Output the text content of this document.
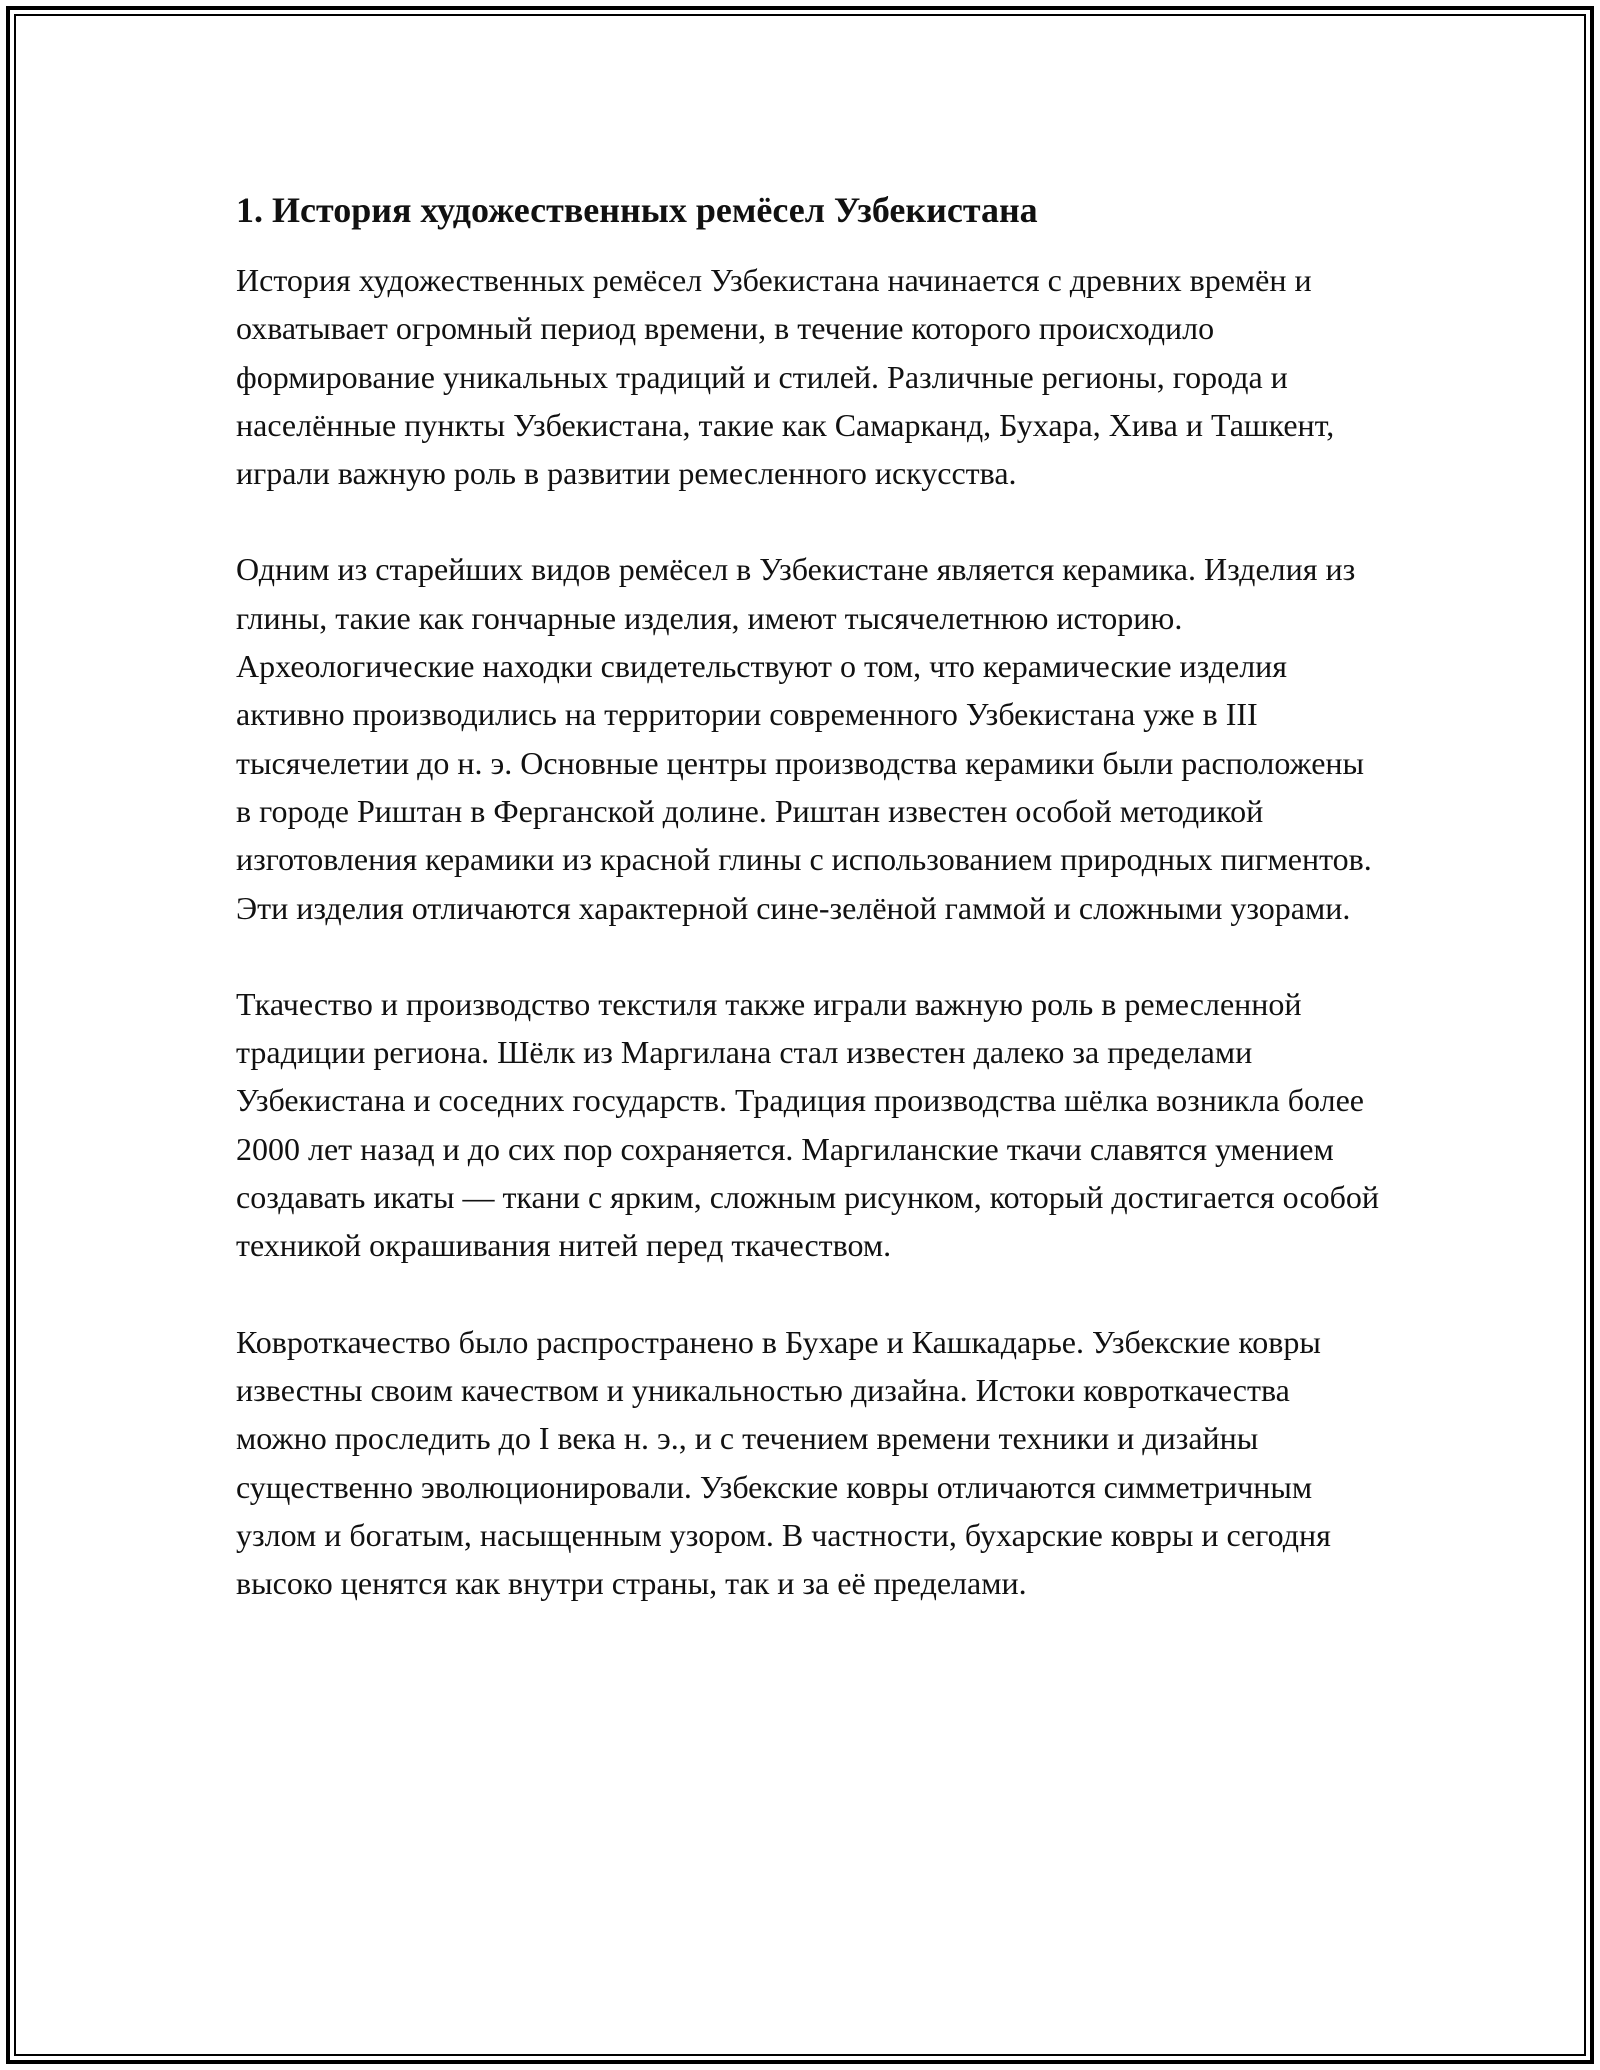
1. История художественных ремёсел Узбекистана

История художественных ремёсел Узбекистана начинается с древних времён и охватывает огромный период времени, в течение которого происходило формирование уникальных традиций и стилей. Различные регионы, города и населённые пункты Узбекистана, такие как Самарканд, Бухара, Хива и Ташкент, играли важную роль в развитии ремесленного искусства.

Одним из старейших видов ремёсел в Узбекистане является керамика. Изделия из глины, такие как гончарные изделия, имеют тысячелетнюю историю. Археологические находки свидетельствуют о том, что керамические изделия активно производились на территории современного Узбекистана уже в III тысячелетии до н. э. Основные центры производства керамики были расположены в городе Риштан в Ферганской долине. Риштан известен особой методикой изготовления керамики из красной глины с использованием природных пигментов. Эти изделия отличаются характерной сине-зелёной гаммой и сложными узорами.

Ткачество и производство текстиля также играли важную роль в ремесленной традиции региона. Шёлк из Маргилана стал известен далеко за пределами Узбекистана и соседних государств. Традиция производства шёлка возникла более 2000 лет назад и до сих пор сохраняется. Маргиланские ткачи славятся умением создавать икаты — ткани с ярким, сложным рисунком, который достигается особой техникой окрашивания нитей перед ткачеством.

Ковроткачество было распространено в Бухаре и Кашкадарье. Узбекские ковры известны своим качеством и уникальностью дизайна. Истоки ковроткачества можно проследить до I века н. э., и с течением времени техники и дизайны существенно эволюционировали. Узбекские ковры отличаются симметричным узлом и богатым, насыщенным узором. В частности, бухарские ковры и сегодня высоко ценятся как внутри страны, так и за её пределами.
